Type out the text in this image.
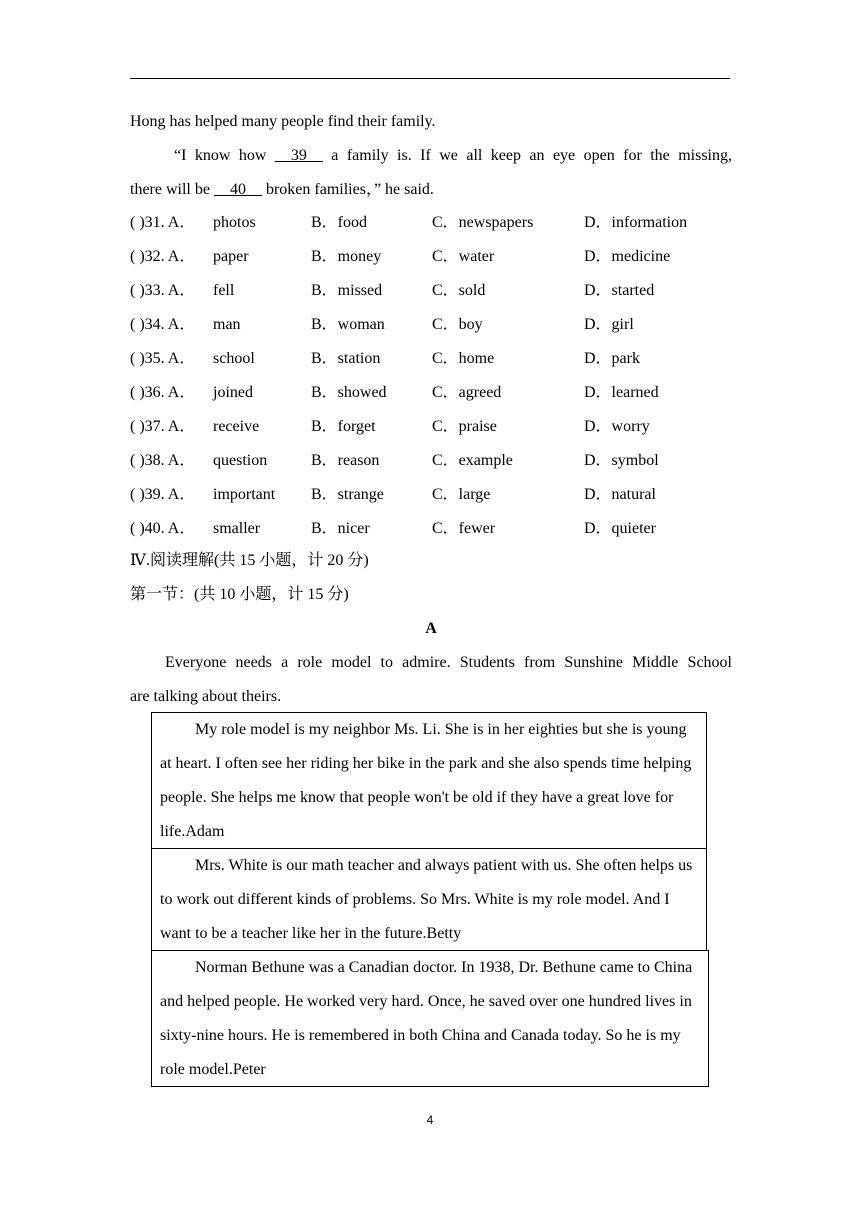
Hong has helped many people find their family.
“I know how __39__ a family is. If we all keep an eye open for the missing,
there will be __40__ broken families，” he said.
( )31. A． photos	B．food	C．newspapers	D．information
( )32. A． paper	B．money	C．water	D．medicine
( )33. A． fell	B．missed	C．sold	D．started
( )34. A． man	B．woman	C．boy	D．girl
( )35. A． school	B．station	C．home	D．park
( )36. A． joined	B．showed	C．agreed	D．learned
( )37. A． receive	B．forget	C．praise	D．worry
( )38. A． question	B．reason	C．example	D．symbol
( )39. A． important B．strange	C．large	D．natural
( )40. A． smaller	B．nicer	C．fewer	D．quieter
Ⅳ.阅读理解(共 15 小题，计 20 分)
第一节：(共 10 小题，计 15 分)
A
Everyone needs a role model to admire. Students from Sunshine Middle School
are talking about theirs.

My role model is my neighbor Ms. Li. She is in her eighties but she is young at heart. I often see her riding her bike in the park and she also spends time helping people. She helps me know that people won't be old if they have a great love for life.Adam

Mrs. White is our math teacher and always patient with us. She often helps us to work out different kinds of problems. So Mrs. White is my role model. And I want to be a teacher like her in the future.Betty

Norman Bethune was a Canadian doctor. In 1938, Dr. Bethune came to China and helped people. He worked very hard. Once, he saved over one hundred lives in sixty-nine hours. He is remembered in both China and Canada today. So he is my role model.Peter

4
